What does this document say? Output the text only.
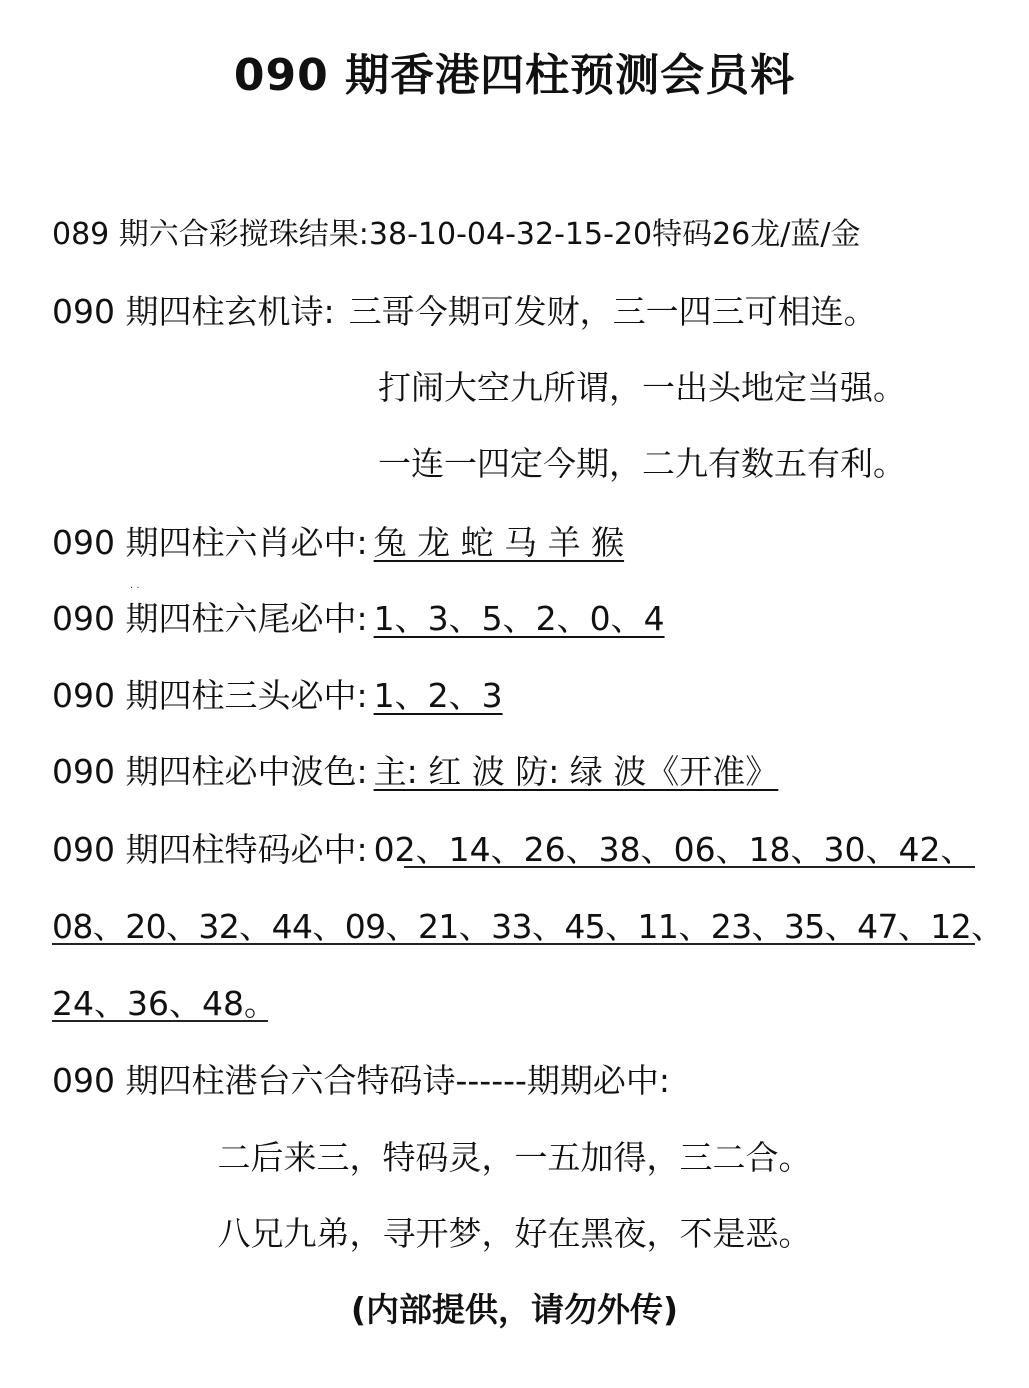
090 期香港四柱预测会员料
089 期六合彩搅珠结果:38-10-04-32-15-20特码26龙/蓝/金
090 期四柱玄机诗: 三哥今期可发财，三一四三可相连。
打闹大空九所谓，一出头地定当强。
一连一四定今期，二九有数五有利。
090 期四柱六肖必中: 兔 龙 蛇 马 羊 猴
· ·
090 期四柱六尾必中: 1、3、5、2、0、4
090 期四柱三头必中: 1、2、3
090 期四柱必中波色: 主: 红 波 防: 绿 波《开准》
090 期四柱特码必中: 02、14、26、38、06、18、30、42、
08、20、32、44、09、21、33、45、11、23、35、47、12、
24、36、48。
090 期四柱港台六合特码诗------期期必中:
二后来三，特码灵，一五加得，三二合。
八兄九弟，寻开梦，好在黑夜，不是恶。
(内部提供，请勿外传)
